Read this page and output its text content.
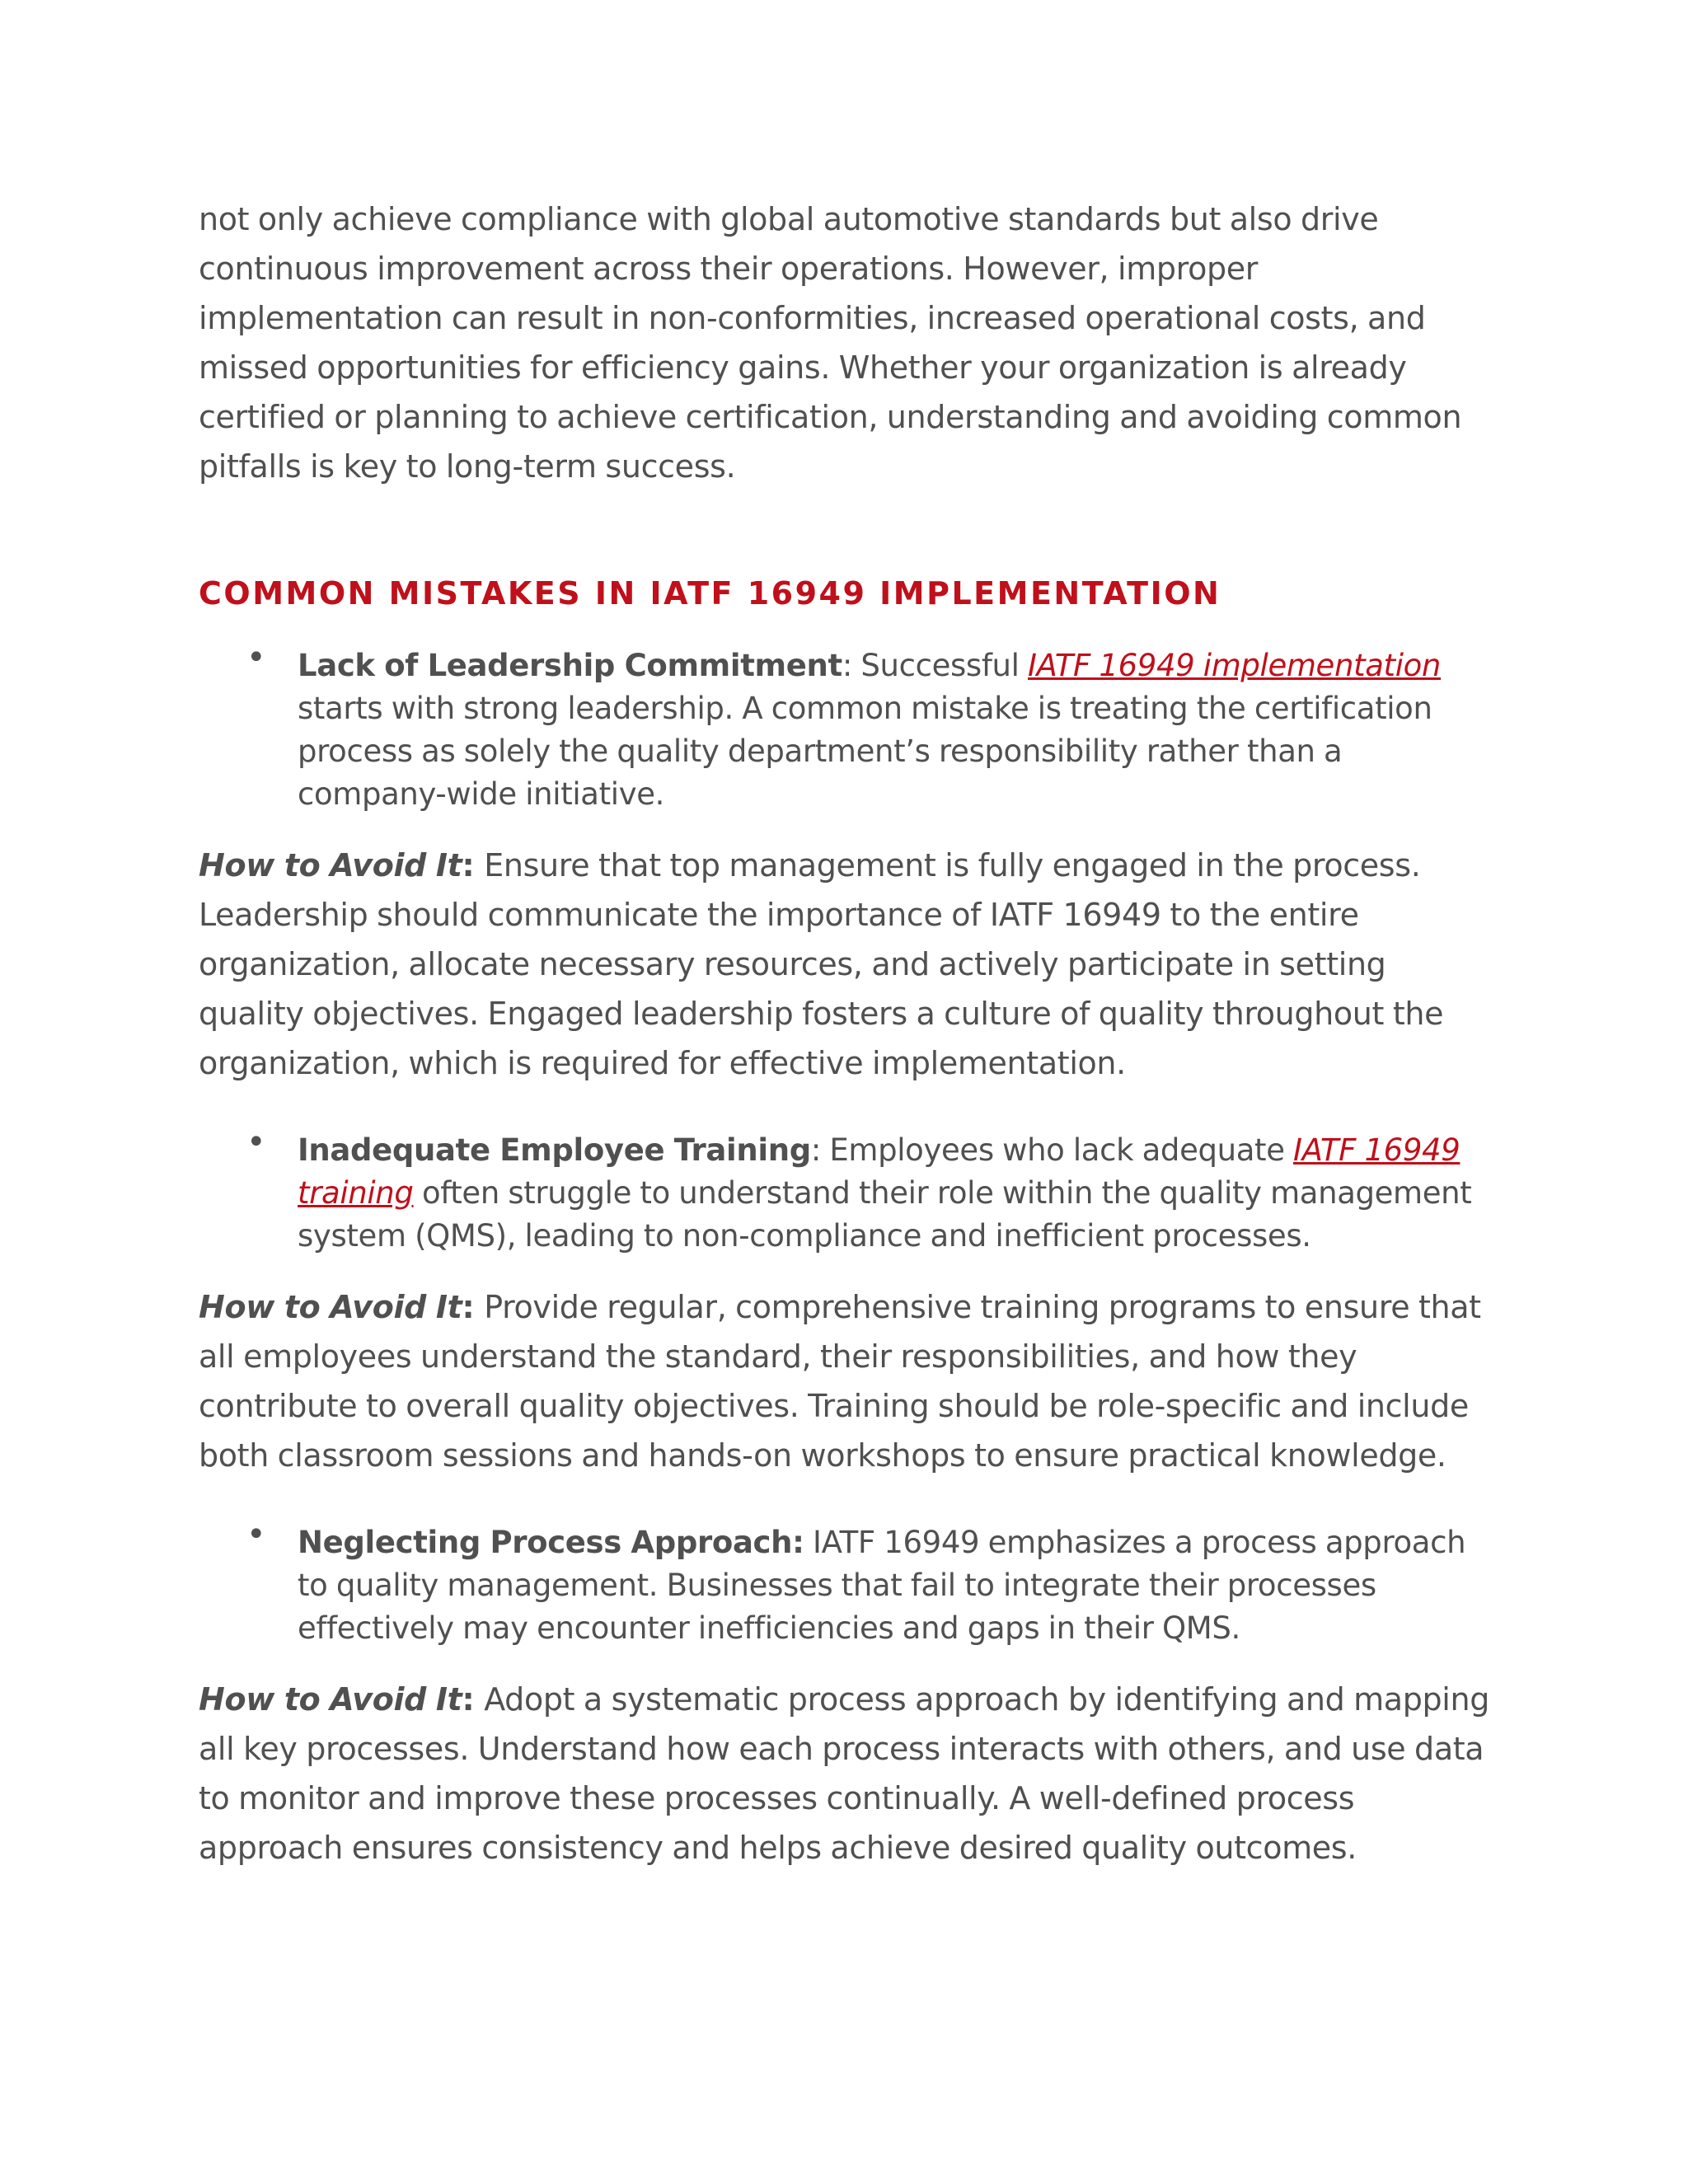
not only achieve compliance with global automotive standards but also drive continuous improvement across their operations. However, improper implementation can result in non-conformities, increased operational costs, and missed opportunities for efficiency gains. Whether your organization is already certified or planning to achieve certification, understanding and avoiding common pitfalls is key to long-term success.

COMMON MISTAKES IN IATF 16949 IMPLEMENTATION
• Lack of Leadership Commitment: Successful IATF 16949 implementation starts with strong leadership. A common mistake is treating the certification process as solely the quality department’s responsibility rather than a company-wide initiative.

How to Avoid It: Ensure that top management is fully engaged in the process. Leadership should communicate the importance of IATF 16949 to the entire organization, allocate necessary resources, and actively participate in setting quality objectives. Engaged leadership fosters a culture of quality throughout the organization, which is required for effective implementation.

• Inadequate Employee Training: Employees who lack adequate IATF 16949 training often struggle to understand their role within the quality management system (QMS), leading to non-compliance and inefficient processes.

How to Avoid It: Provide regular, comprehensive training programs to ensure that all employees understand the standard, their responsibilities, and how they contribute to overall quality objectives. Training should be role-specific and include both classroom sessions and hands-on workshops to ensure practical knowledge.

• Neglecting Process Approach: IATF 16949 emphasizes a process approach to quality management. Businesses that fail to integrate their processes effectively may encounter inefficiencies and gaps in their QMS.

How to Avoid It: Adopt a systematic process approach by identifying and mapping all key processes. Understand how each process interacts with others, and use data to monitor and improve these processes continually. A well-defined process approach ensures consistency and helps achieve desired quality outcomes.
